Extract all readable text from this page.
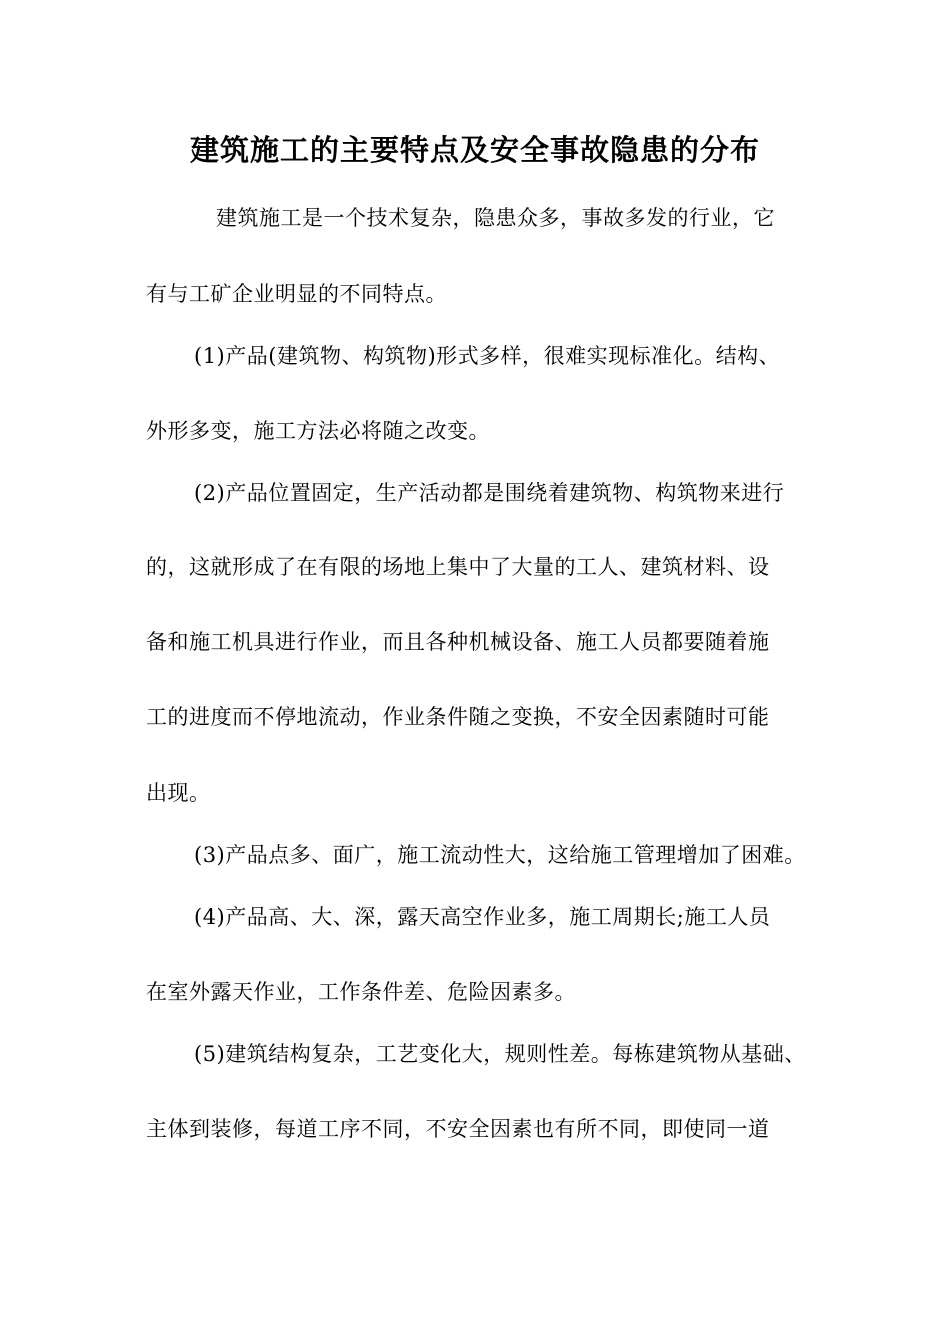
建筑施工的主要特点及安全事故隐患的分布
建筑施工是一个技术复杂，隐患众多，事故多发的行业，它
有与工矿企业明显的不同特点。
(1)产品(建筑物、构筑物)形式多样，很难实现标准化。结构、
外形多变，施工方法必将随之改变。
(2)产品位置固定，生产活动都是围绕着建筑物、构筑物来进行
的，这就形成了在有限的场地上集中了大量的工人、建筑材料、设
备和施工机具进行作业，而且各种机械设备、施工人员都要随着施
工的进度而不停地流动，作业条件随之变换，不安全因素随时可能
出现。
(3)产品点多、面广，施工流动性大，这给施工管理增加了困难。
(4)产品高、大、深，露天高空作业多，施工周期长;施工人员
在室外露天作业，工作条件差、危险因素多。
(5)建筑结构复杂，工艺变化大，规则性差。每栋建筑物从基础、
主体到装修，每道工序不同，不安全因素也有所不同，即使同一道
